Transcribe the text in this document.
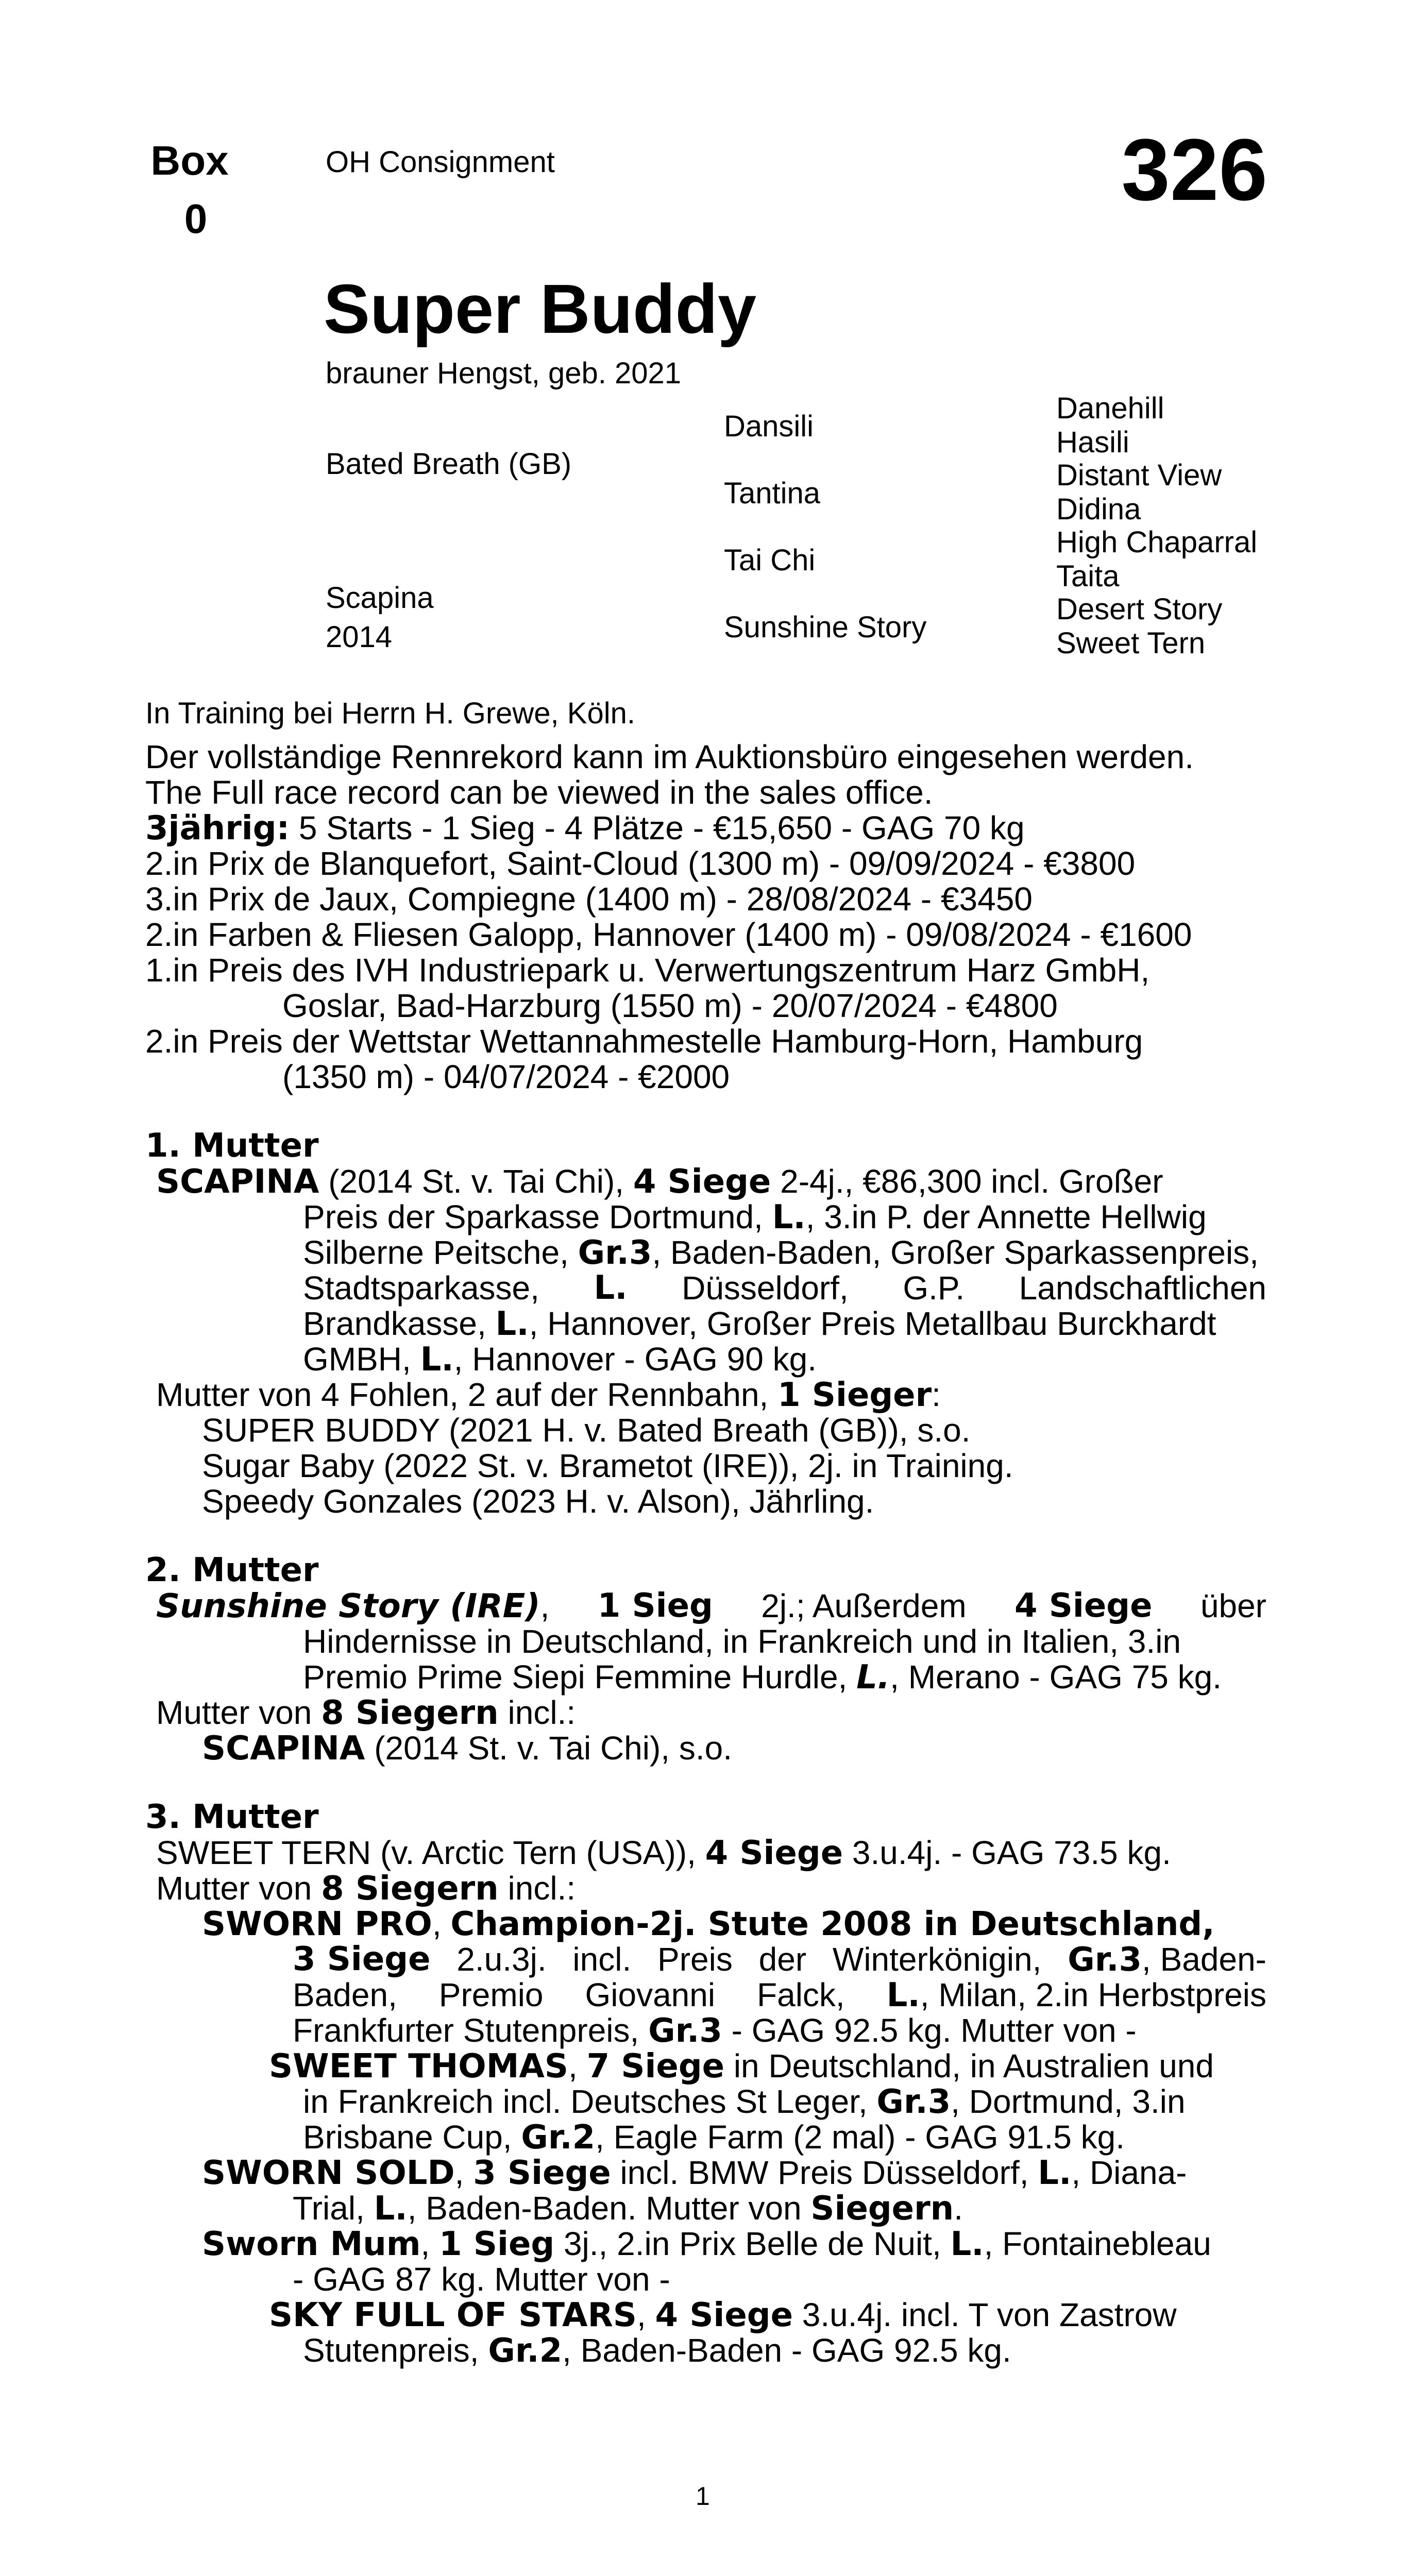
Box
0
OH Consignment	326
Super Buddy
brauner Hengst, geb. 2021
Bated Breath (GB)
Scapina
2014
Dansili
Tantina
Tai Chi
Sunshine Story
Danehill
Hasili
Distant View
Didina
High Chaparral
Taita
Desert Story
Sweet Tern
In Training bei Herrn H. Grewe, Köln.
Der vollständige Rennrekord kann im Auktionsbüro eingesehen werden.
The Full race record can be viewed in the sales office.
3jährig: 5 Starts - 1 Sieg - 4 Plätze - €15,650 - GAG 70 kg
2.in Prix de Blanquefort, Saint-Cloud (1300 m) - 09/09/2024 - €3800
3.in Prix de Jaux, Compiegne (1400 m) - 28/08/2024 - €3450
2.in Farben & Fliesen Galopp, Hannover (1400 m) - 09/08/2024 - €1600
1.in Preis des IVH Industriepark u. Verwertungszentrum Harz GmbH,
Goslar, Bad-Harzburg (1550 m) - 20/07/2024 - €4800
2.in Preis der Wettstar Wettannahmestelle Hamburg-Horn, Hamburg
(1350 m) - 04/07/2024 - €2000
1. Mutter
SCAPINA (2014 St. v. Tai Chi), 4 Siege 2-4j., €86,300 incl. Großer
Preis der Sparkasse Dortmund, L., 3.in P. der Annette Hellwig
Silberne Peitsche, Gr.3, Baden-Baden, Großer Sparkassenpreis,
Stadtsparkasse, L. Düsseldorf, G.P. Landschaftlichen
Brandkasse, L., Hannover, Großer Preis Metallbau Burckhardt
GMBH, L., Hannover - GAG 90 kg.
Mutter von 4 Fohlen, 2 auf der Rennbahn, 1 Sieger:
SUPER BUDDY (2021 H. v. Bated Breath (GB)), s.o.
Sugar Baby (2022 St. v. Brametot (IRE)), 2j. in Training.
Speedy Gonzales (2023 H. v. Alson), Jährling.
2. Mutter
Sunshine Story (IRE), 1 Sieg 2j.; Außerdem 4 Siege über
Hindernisse in Deutschland, in Frankreich und in Italien, 3.in
Premio Prime Siepi Femmine Hurdle, L., Merano - GAG 75 kg.
Mutter von 8 Siegern incl.:
SCAPINA (2014 St. v. Tai Chi), s.o.
3. Mutter
SWEET TERN (v. Arctic Tern (USA)), 4 Siege 3.u.4j. - GAG 73.5 kg.
Mutter von 8 Siegern incl.:
SWORN PRO, Champion-2j. Stute 2008 in Deutschland,
3 Siege 2.u.3j. incl. Preis der Winterkönigin, Gr.3, Baden-
Baden, Premio Giovanni Falck, L., Milan, 2.in Herbstpreis
Frankfurter Stutenpreis, Gr.3 - GAG 92.5 kg. Mutter von -
SWEET THOMAS, 7 Siege in Deutschland, in Australien und
in Frankreich incl. Deutsches St Leger, Gr.3, Dortmund, 3.in
Brisbane Cup, Gr.2, Eagle Farm (2 mal) - GAG 91.5 kg.
SWORN SOLD, 3 Siege incl. BMW Preis Düsseldorf, L., Diana-
Trial, L., Baden-Baden. Mutter von Siegern.
Sworn Mum, 1 Sieg 3j., 2.in Prix Belle de Nuit, L., Fontainebleau
- GAG 87 kg. Mutter von -
SKY FULL OF STARS, 4 Siege 3.u.4j. incl. T von Zastrow
Stutenpreis, Gr.2, Baden-Baden - GAG 92.5 kg.
1
